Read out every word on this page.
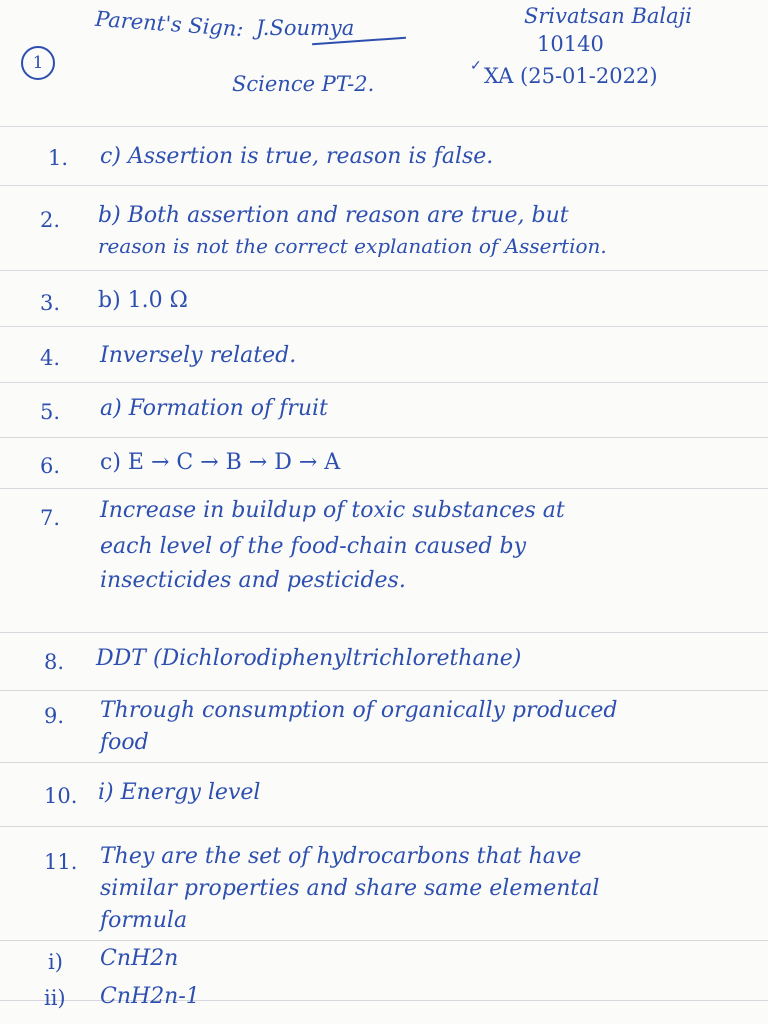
1
Parent's Sign: J.Soumya	Srivatsan Balaji
10140
Science PT-2.
✓ XA (25-01-2022)
1. c) Assertion is true, reason is false.
2. b) Both assertion and reason are true, but
reason is not the correct explanation of Assertion.
3. b) 1.0 Ω
4. Inversely related.
5. a) Formation of fruit
6. c) E → C → B → D → A
7. Increase in buildup of toxic substances at
each level of the food-chain caused by
insecticides and pesticides.
8. DDT (Dichlorodiphenyltrichlorethane)
9. Through consumption of organically produced
food
10. i) Energy level
11. They are the set of hydrocarbons that have
similar properties and share same elemental
formula
i) CnH2n
ii) CnH2n-1
